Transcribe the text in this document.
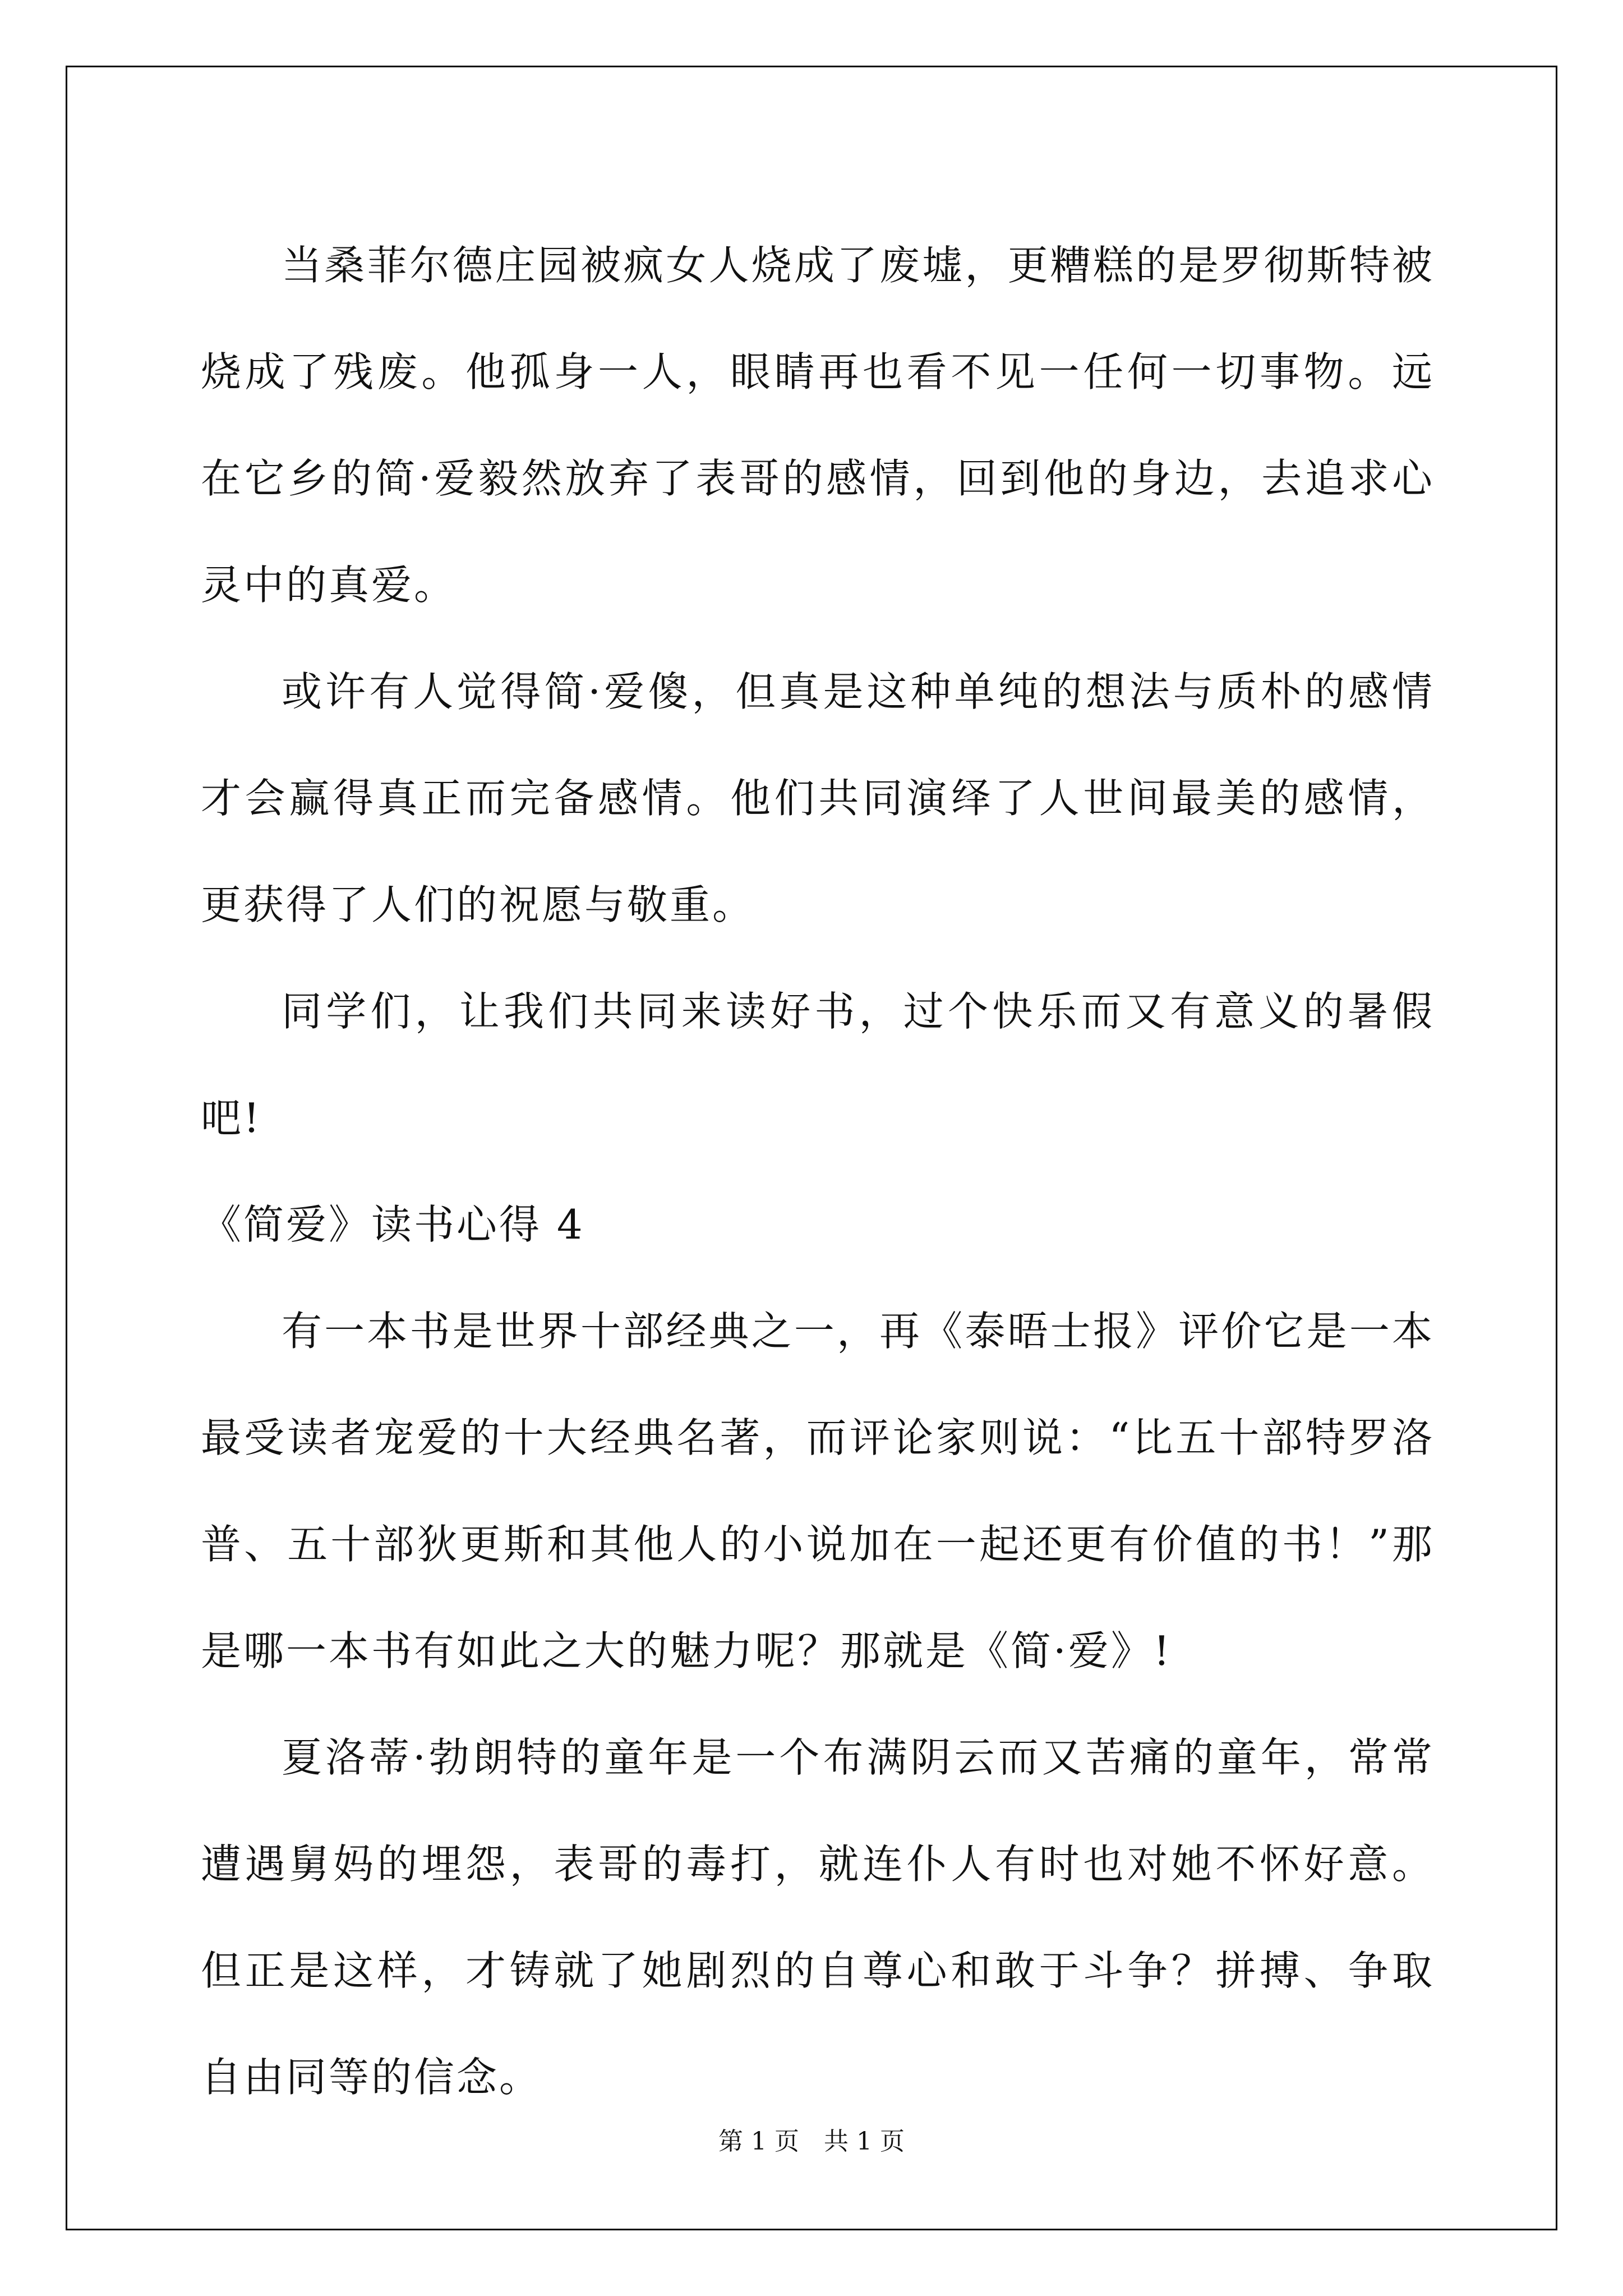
当桑菲尔德庄园被疯女人烧成了废墟，更糟糕的是罗彻斯特被烧成了残废。他孤身一人，眼睛再也看不见一任何一切事物。远在它乡的简·爱毅然放弃了表哥的感情，回到他的身边，去追求心灵中的真爱。

或许有人觉得简·爱傻，但真是这种单纯的想法与质朴的感情才会赢得真正而完备感情。他们共同演绎了人世间最美的感情，更获得了人们的祝愿与敬重。

同学们，让我们共同来读好书，过个快乐而又有意义的暑假吧!

《简爱》读书心得 4

有一本书是世界十部经典之一，再《泰晤士报》评价它是一本最受读者宠爱的十大经典名著，而评论家则说：“比五十部特罗洛普、五十部狄更斯和其他人的小说加在一起还更有价值的书！”那是哪一本书有如此之大的魅力呢？那就是《简·爱》!

夏洛蒂·勃朗特的童年是一个布满阴云而又苦痛的童年，常常遭遇舅妈的埋怨，表哥的毒打，就连仆人有时也对她不怀好意。但正是这样，才铸就了她剧烈的自尊心和敢于斗争？拼搏、争取自由同等的信念。

第 1 页　共 1 页
